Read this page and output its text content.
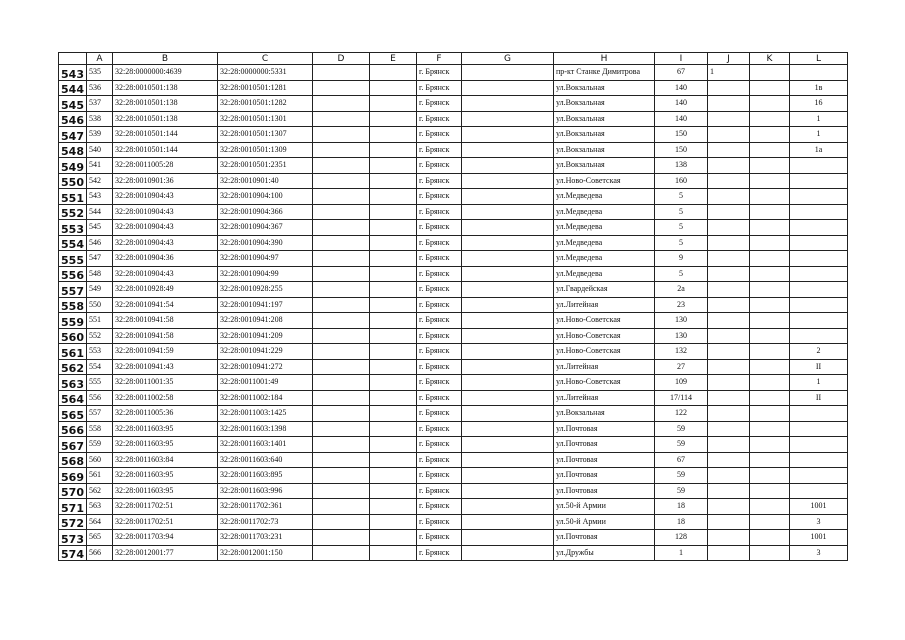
	A	B	C	D	E	F	G	H	I	J	K	L
543	535	32:28:0000000:4639	32:28:0000000:5331			г. Брянск		пр-кт Станке Димитрова	67	1		
544	536	32:28:0010501:138	32:28:0010501:1281			г. Брянск		ул.Вокзальная	140			1в
545	537	32:28:0010501:138	32:28:0010501:1282			г. Брянск		ул.Вокзальная	140			16
546	538	32:28:0010501:138	32:28:0010501:1301			г. Брянск		ул.Вокзальная	140			1
547	539	32:28:0010501:144	32:28:0010501:1307			г. Брянск		ул.Вокзальная	150			1
548	540	32:28:0010501:144	32:28:0010501:1309			г. Брянск		ул.Вокзальная	150			1а
549	541	32:28:0011005:28	32:28:0010501:2351			г. Брянск		ул.Вокзальная	138			
550	542	32:28:0010901:36	32:28:0010901:40			г. Брянск		ул.Ново-Советская	160			
551	543	32:28:0010904:43	32:28:0010904:100			г. Брянск		ул.Медведева	5			
552	544	32:28:0010904:43	32:28:0010904:366			г. Брянск		ул.Медведева	5			
553	545	32:28:0010904:43	32:28:0010904:367			г. Брянск		ул.Медведева	5			
554	546	32:28:0010904:43	32:28:0010904:390			г. Брянск		ул.Медведева	5			
555	547	32:28:0010904:36	32:28:0010904:97			г. Брянск		ул.Медведева	9			
556	548	32:28:0010904:43	32:28:0010904:99			г. Брянск		ул.Медведева	5			
557	549	32:28:0010928:49	32:28:0010928:255			г. Брянск		ул.Гвардейская	2а			
558	550	32:28:0010941:54	32:28:0010941:197			г. Брянск		ул.Литейная	23			
559	551	32:28:0010941:58	32:28:0010941:208			г. Брянск		ул.Ново-Советская	130			
560	552	32:28:0010941:58	32:28:0010941:209			г. Брянск		ул.Ново-Советская	130			
561	553	32:28:0010941:59	32:28:0010941:229			г. Брянск		ул.Ново-Советская	132			2
562	554	32:28:0010941:43	32:28:0010941:272			г. Брянск		ул.Литейная	27			II
563	555	32:28:0011001:35	32:28:0011001:49			г. Брянск		ул.Ново-Советская	109			1
564	556	32:28:0011002:58	32:28:0011002:184			г. Брянск		ул.Литейная	17/114			II
565	557	32:28:0011005:36	32:28:0011003:1425			г. Брянск		ул.Вокзальная	122			
566	558	32:28:0011603:95	32:28:0011603:1398			г. Брянск		ул.Почтовая	59			
567	559	32:28:0011603:95	32:28:0011603:1401			г. Брянск		ул.Почтовая	59			
568	560	32:28:0011603:84	32:28:0011603:640			г. Брянск		ул.Почтовая	67			
569	561	32:28:0011603:95	32:28:0011603:895			г. Брянск		ул.Почтовая	59			
570	562	32:28:0011603:95	32:28:0011603:996			г. Брянск		ул.Почтовая	59			
571	563	32:28:0011702:51	32:28:0011702:361			г. Брянск		ул.50-й Армии	18			1001
572	564	32:28:0011702:51	32:28:0011702:73			г. Брянск		ул.50-й Армии	18			3
573	565	32:28:0011703:94	32:28:0011703:231			г. Брянск		ул.Почтовая	128			1001
574	566	32:28:0012001:77	32:28:0012001:150			г. Брянск		ул.Дружбы	1			3
